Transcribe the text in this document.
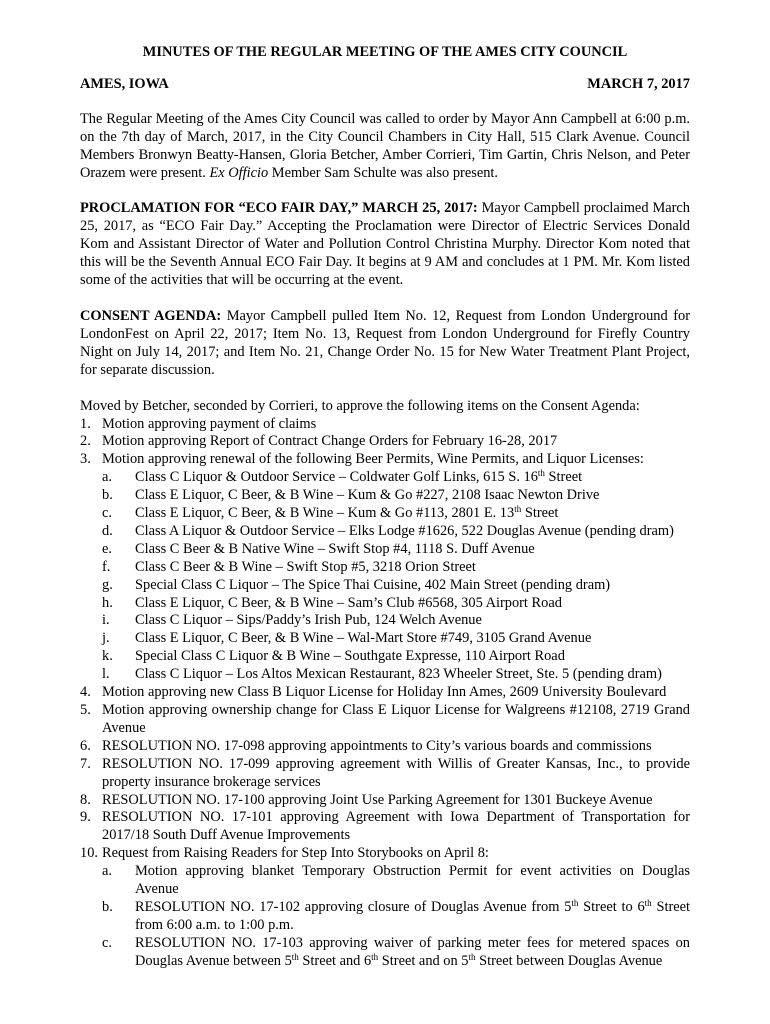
MINUTES OF THE REGULAR MEETING OF THE AMES CITY COUNCIL
AMES, IOWA	MARCH 7, 2017

The Regular Meeting of the Ames City Council was called to order by Mayor Ann Campbell at 6:00 p.m. on the 7th day of March, 2017, in the City Council Chambers in City Hall, 515 Clark Avenue. Council Members Bronwyn Beatty-Hansen, Gloria Betcher, Amber Corrieri, Tim Gartin, Chris Nelson, and Peter Orazem were present. Ex Officio Member Sam Schulte was also present.

PROCLAMATION FOR “ECO FAIR DAY,” MARCH 25, 2017: Mayor Campbell proclaimed March 25, 2017, as “ECO Fair Day.” Accepting the Proclamation were Director of Electric Services Donald Kom and Assistant Director of Water and Pollution Control Christina Murphy. Director Kom noted that this will be the Seventh Annual ECO Fair Day. It begins at 9 AM and concludes at 1 PM. Mr. Kom listed some of the activities that will be occurring at the event.

CONSENT AGENDA: Mayor Campbell pulled Item No. 12, Request from London Underground for LondonFest on April 22, 2017; Item No. 13, Request from London Underground for Firefly Country Night on July 14, 2017; and Item No. 21, Change Order No. 15 for New Water Treatment Plant Project, for separate discussion.

Moved by Betcher, seconded by Corrieri, to approve the following items on the Consent Agenda:
1. Motion approving payment of claims
2. Motion approving Report of Contract Change Orders for February 16-28, 2017
3. Motion approving renewal of the following Beer Permits, Wine Permits, and Liquor Licenses:
a.	Class C Liquor & Outdoor Service – Coldwater Golf Links, 615 S. 16th Street
b.	Class E Liquor, C Beer, & B Wine – Kum & Go #227, 2108 Isaac Newton Drive
c.	Class E Liquor, C Beer, & B Wine – Kum & Go #113, 2801 E. 13th Street
d.	Class A Liquor & Outdoor Service – Elks Lodge #1626, 522 Douglas Avenue (pending dram)
e.	Class C Beer & B Native Wine – Swift Stop #4, 1118 S. Duff Avenue
f.	Class C Beer & B Wine – Swift Stop #5, 3218 Orion Street
g.	Special Class C Liquor – The Spice Thai Cuisine, 402 Main Street (pending dram)
h.	Class E Liquor, C Beer, & B Wine – Sam’s Club #6568, 305 Airport Road
i.	Class C Liquor – Sips/Paddy’s Irish Pub, 124 Welch Avenue
j.	Class E Liquor, C Beer, & B Wine – Wal-Mart Store #749, 3105 Grand Avenue
k.	Special Class C Liquor & B Wine – Southgate Expresse, 110 Airport Road
l.	Class C Liquor – Los Altos Mexican Restaurant, 823 Wheeler Street, Ste. 5 (pending dram)
4. Motion approving new Class B Liquor License for Holiday Inn Ames, 2609 University Boulevard
5. Motion approving ownership change for Class E Liquor License for Walgreens #12108, 2719 Grand Avenue
6. RESOLUTION NO. 17-098 approving appointments to City’s various boards and commissions
7. RESOLUTION NO. 17-099 approving agreement with Willis of Greater Kansas, Inc., to provide property insurance brokerage services
8. RESOLUTION NO. 17-100 approving Joint Use Parking Agreement for 1301 Buckeye Avenue
9. RESOLUTION NO. 17-101 approving Agreement with Iowa Department of Transportation for 2017/18 South Duff Avenue Improvements
10. Request from Raising Readers for Step Into Storybooks on April 8:
a.	Motion approving blanket Temporary Obstruction Permit for event activities on Douglas Avenue
b.	RESOLUTION NO. 17-102 approving closure of Douglas Avenue from 5th Street to 6th Street from 6:00 a.m. to 1:00 p.m.
c.	RESOLUTION NO. 17-103 approving waiver of parking meter fees for metered spaces on Douglas Avenue between 5th Street and 6th Street and on 5th Street between Douglas Avenue
